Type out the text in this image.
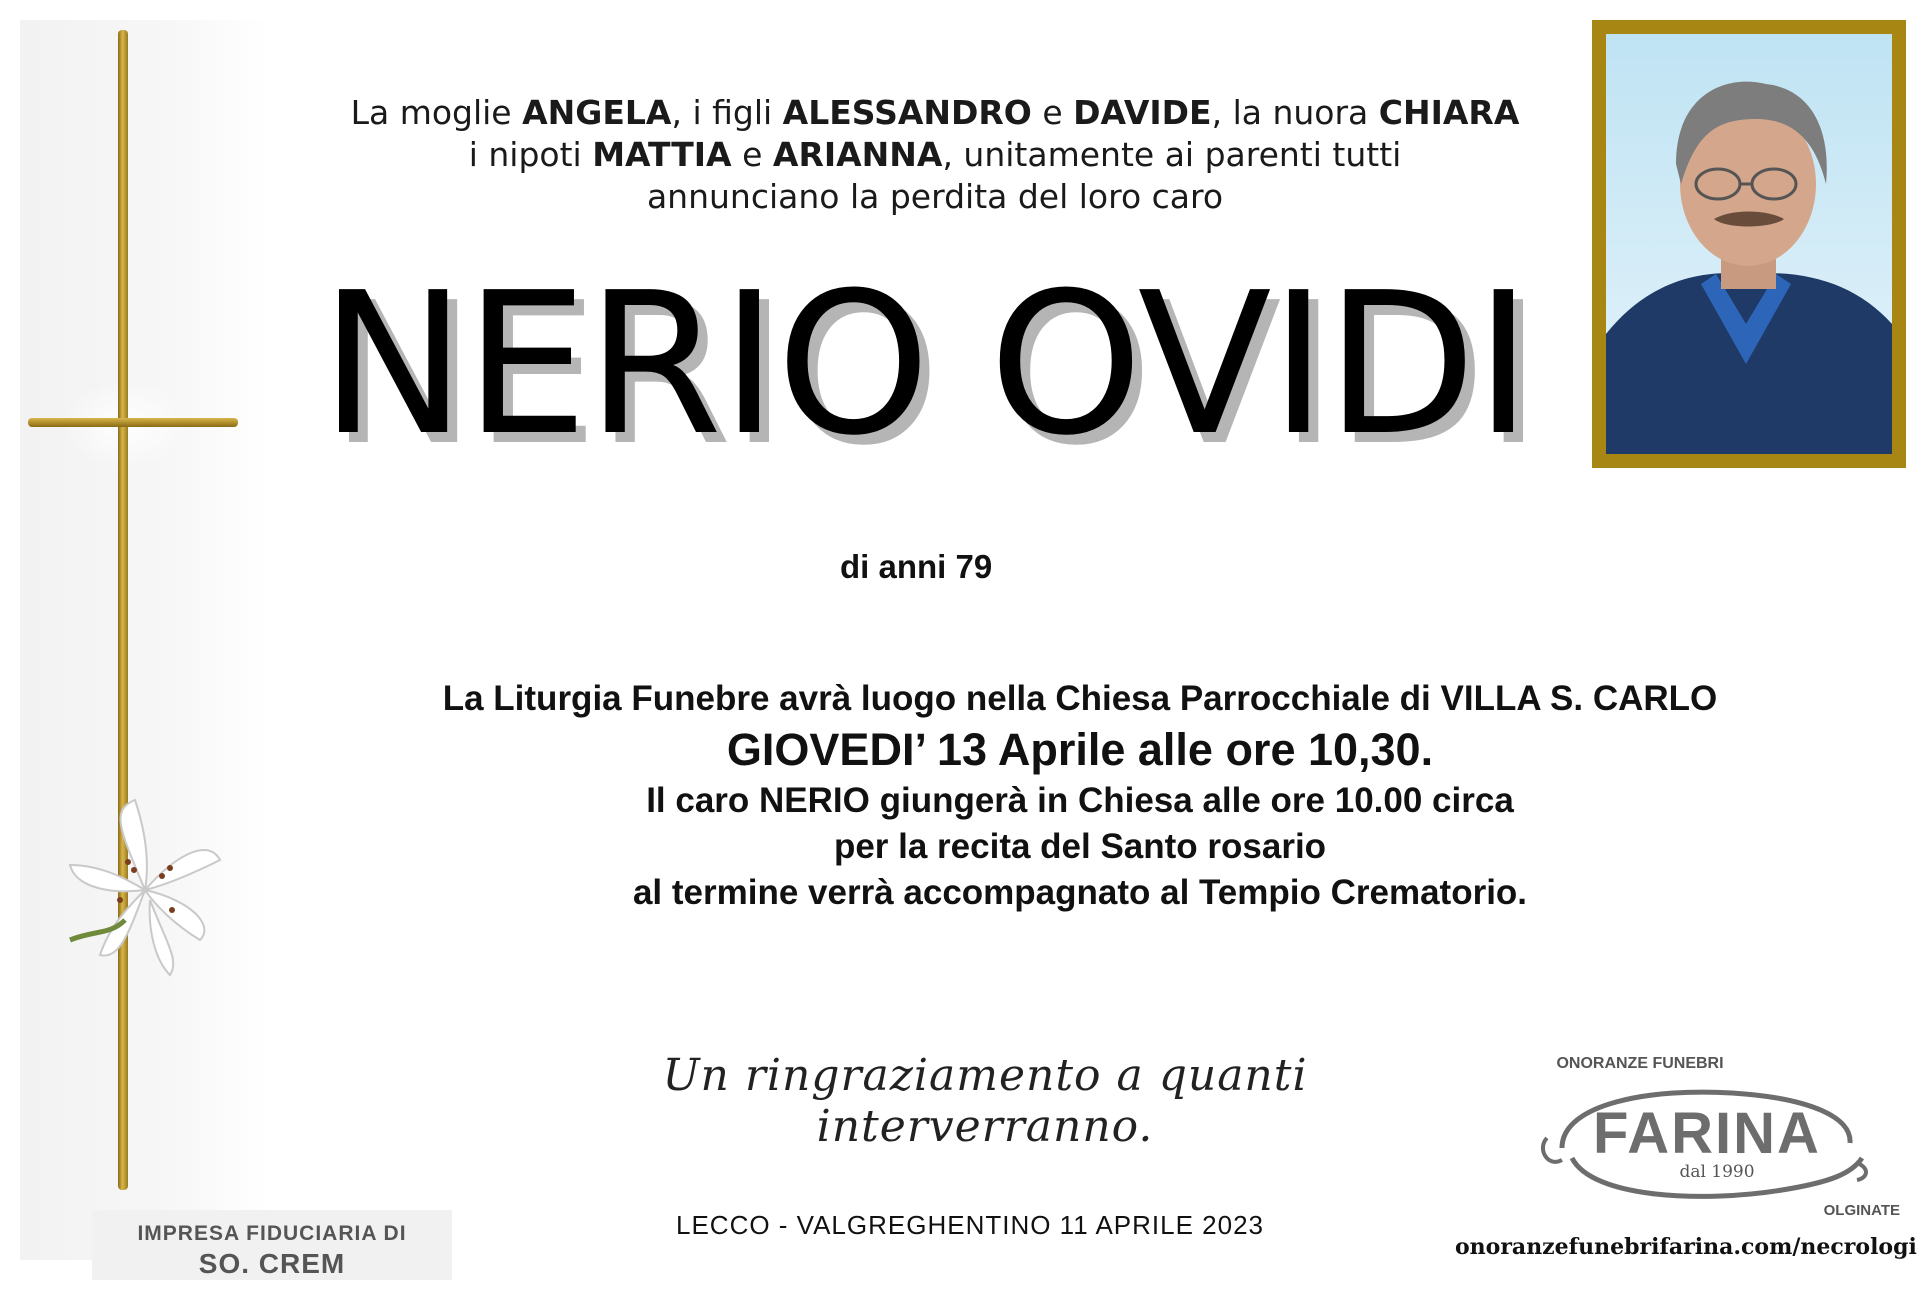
La moglie ANGELA, i figli ALESSANDRO e DAVIDE, la nuora CHIARA
i nipoti MATTIA e ARIANNA, unitamente ai parenti tutti
annunciano la perdita del loro caro
NERIO OVIDI
di anni 79
La Liturgia Funebre avrà luogo nella Chiesa Parrocchiale di VILLA S. CARLO
GIOVEDI’ 13 Aprile alle ore 10,30.
Il caro NERIO giungerà in Chiesa alle ore 10.00 circa
per la recita del Santo rosario
al termine verrà accompagnato al Tempio Crematorio.
Un ringraziamento a quanti interverranno.
LECCO - VALGREGHENTINO 11 APRILE 2023
IMPRESA FIDUCIARIA DI
SO. CREM
ONORANZE FUNEBRI
FARINA
dal 1990
OLGINATE
onoranzefunebrifarina.com/necrologi
